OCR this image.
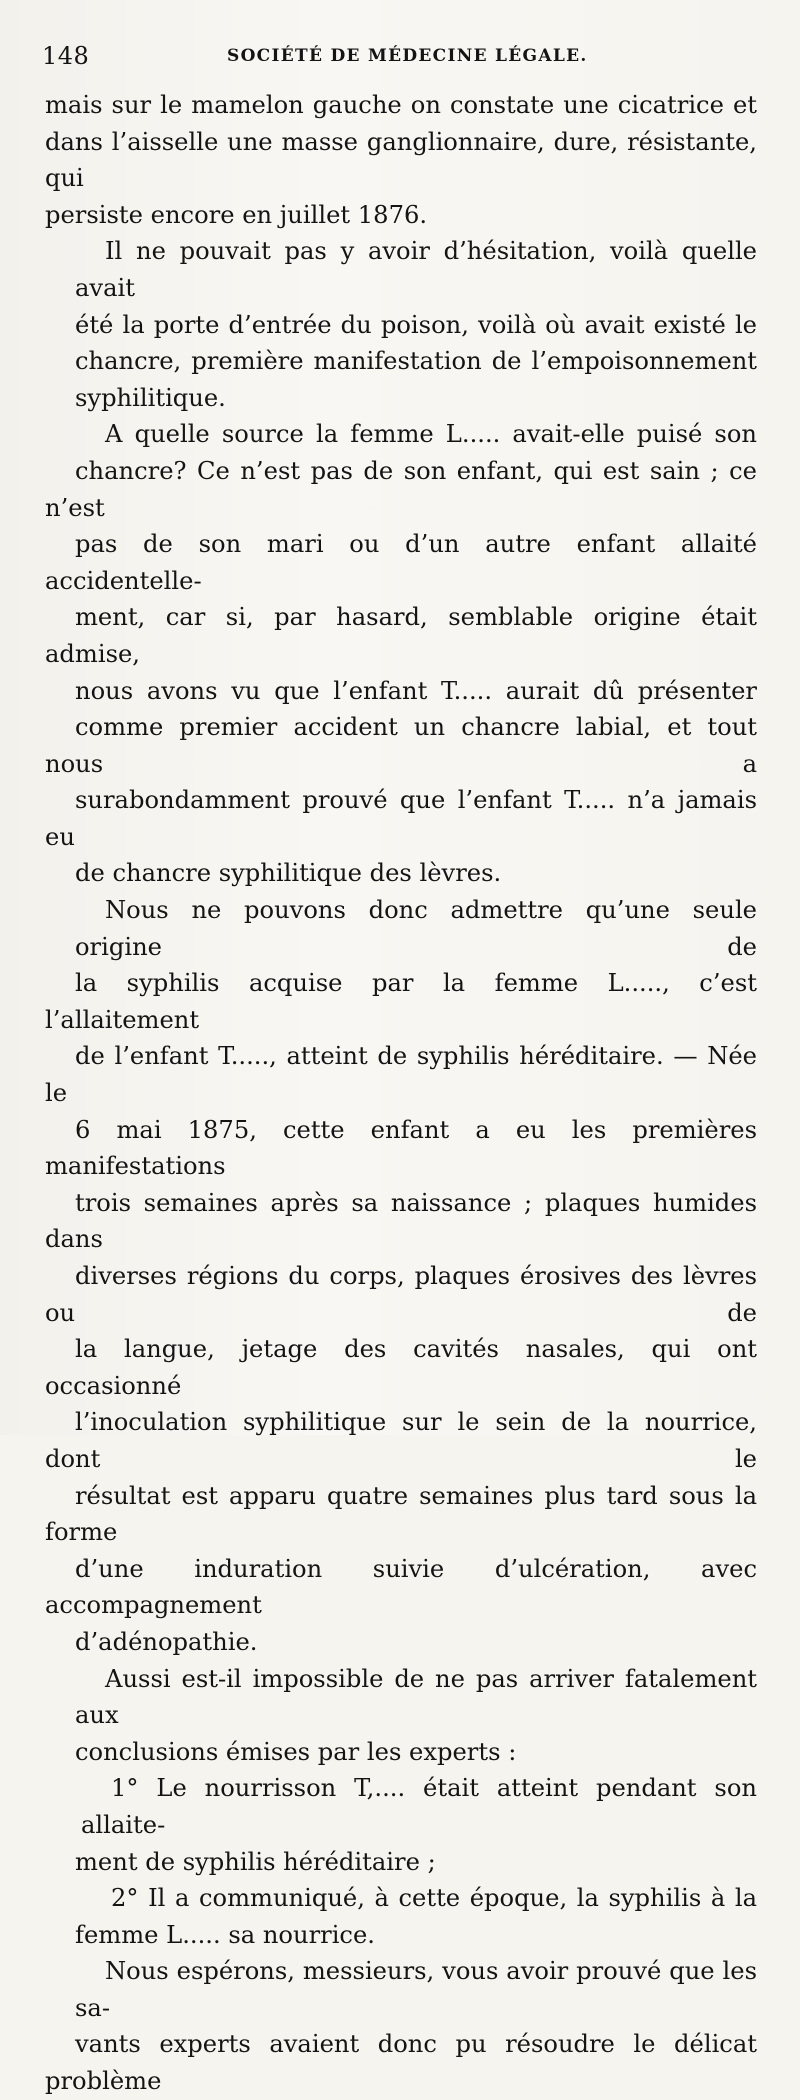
148	SOCIÉTÉ DE MÉDECINE LÉGALE.

mais sur le mamelon gauche on constate une cicatrice et
dans l’aisselle une masse ganglionnaire, dure, résistante, qui
persiste encore en juillet 1876.

Il ne pouvait pas y avoir d’hésitation, voilà quelle avait
été la porte d’entrée du poison, voilà où avait existé le
chancre, première manifestation de l’empoisonnement
syphilitique.

A quelle source la femme L..... avait-elle puisé son
chancre? Ce n’est pas de son enfant, qui est sain ; ce n’est
pas de son mari ou d’un autre enfant allaité accidentelle-
ment, car si, par hasard, semblable origine était admise,
nous avons vu que l’enfant T..... aurait dû présenter
comme premier accident un chancre labial, et tout nous a
surabondamment prouvé que l’enfant T..... n’a jamais eu
de chancre syphilitique des lèvres.

Nous ne pouvons donc admettre qu’une seule origine de
la syphilis acquise par la femme L....., c’est l’allaitement
de l’enfant T....., atteint de syphilis héréditaire. — Née le
6 mai 1875, cette enfant a eu les premières manifestations
trois semaines après sa naissance ; plaques humides dans
diverses régions du corps, plaques érosives des lèvres ou de
la langue, jetage des cavités nasales, qui ont occasionné
l’inoculation syphilitique sur le sein de la nourrice, dont le
résultat est apparu quatre semaines plus tard sous la forme
d’une induration suivie d’ulcération, avec accompagnement
d’adénopathie.

Aussi est-il impossible de ne pas arriver fatalement aux
conclusions émises par les experts :

1° Le nourrisson T,.... était atteint pendant son allaite-
ment de syphilis héréditaire ;

2° Il a communiqué, à cette époque, la syphilis à la
femme L..... sa nourrice.

Nous espérons, messieurs, vous avoir prouvé que les sa-
vants experts avaient donc pu résoudre le délicat problème
